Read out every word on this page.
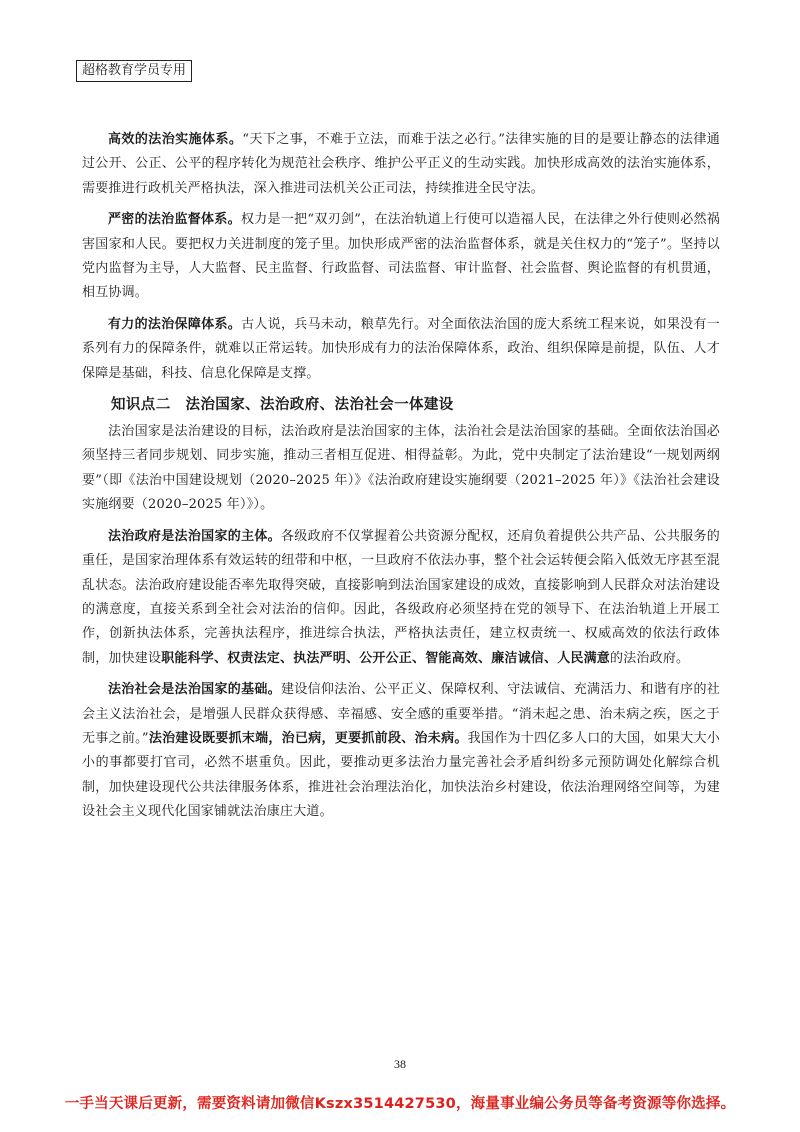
超格教育学员专用

高效的法治实施体系。“天下之事，不难于立法，而难于法之必行。”法律实施的目的是要让静态的法律通过公开、公正、公平的程序转化为规范社会秩序、维护公平正义的生动实践。加快形成高效的法治实施体系，需要推进行政机关严格执法，深入推进司法机关公正司法，持续推进全民守法。

严密的法治监督体系。权力是一把“双刃剑”，在法治轨道上行使可以造福人民，在法律之外行使则必然祸害国家和人民。要把权力关进制度的笼子里。加快形成严密的法治监督体系，就是关住权力的“笼子”。坚持以党内监督为主导，人大监督、民主监督、行政监督、司法监督、审计监督、社会监督、舆论监督的有机贯通，相互协调。

有力的法治保障体系。古人说，兵马未动，粮草先行。对全面依法治国的庞大系统工程来说，如果没有一系列有力的保障条件，就难以正常运转。加快形成有力的法治保障体系，政治、组织保障是前提，队伍、人才保障是基础，科技、信息化保障是支撑。

知识点二　法治国家、法治政府、法治社会一体建设

法治国家是法治建设的目标，法治政府是法治国家的主体，法治社会是法治国家的基础。全面依法治国必须坚持三者同步规划、同步实施，推动三者相互促进、相得益彰。为此，党中央制定了法治建设“一规划两纲要”（即《法治中国建设规划（2020–2025 年）》《法治政府建设实施纲要（2021–2025 年）》《法治社会建设实施纲要（2020–2025 年）》）。

法治政府是法治国家的主体。各级政府不仅掌握着公共资源分配权，还肩负着提供公共产品、公共服务的重任，是国家治理体系有效运转的纽带和中枢，一旦政府不依法办事，整个社会运转便会陷入低效无序甚至混乱状态。法治政府建设能否率先取得突破，直接影响到法治国家建设的成效，直接影响到人民群众对法治建设的满意度，直接关系到全社会对法治的信仰。因此，各级政府必须坚持在党的领导下、在法治轨道上开展工作，创新执法体系，完善执法程序，推进综合执法，严格执法责任，建立权责统一、权威高效的依法行政体制，加快建设职能科学、权责法定、执法严明、公开公正、智能高效、廉洁诚信、人民满意的法治政府。

法治社会是法治国家的基础。建设信仰法治、公平正义、保障权利、守法诚信、充满活力、和谐有序的社会主义法治社会，是增强人民群众获得感、幸福感、安全感的重要举措。“消未起之患、治未病之疾，医之于无事之前。”法治建设既要抓末端，治已病，更要抓前段、治未病。我国作为十四亿多人口的大国，如果大大小小的事都要打官司，必然不堪重负。因此，要推动更多法治力量完善社会矛盾纠纷多元预防调处化解综合机制，加快建设现代公共法律服务体系，推进社会治理法治化，加快法治乡村建设，依法治理网络空间等，为建设社会主义现代化国家铺就法治康庄大道。

38
一手当天课后更新，需要资料请加微信Kszx3514427530，海量事业编公务员等备考资源等你选择。
